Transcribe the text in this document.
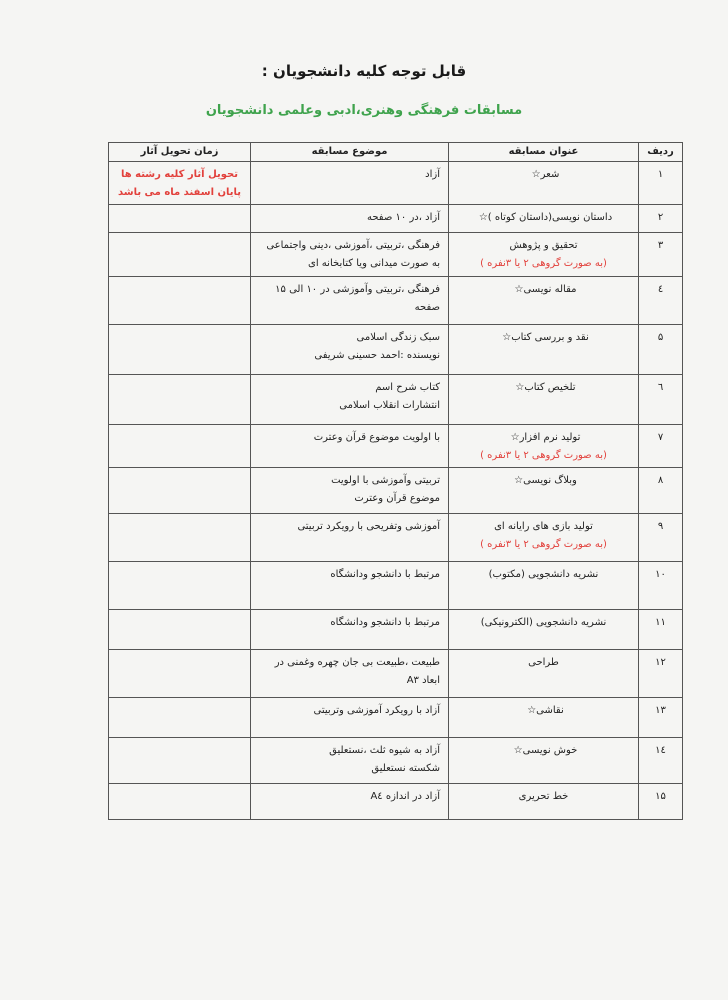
قابل توجه کلیه دانشجویان :
مسابقات فرهنگی وهنری،ادبی وعلمی دانشجویان
ردیف	عنوان مسابقه	موضوع مسابقه	زمان تحویل آثار
۱	شعر☆	آزاد	تحویل آثار کلیه رشته ها
پایان اسفند ماه می باشد

۲	داستان نویسی(داستان کوتاه )☆	آزاد ،در ۱۰ صفحه	

۳	تحقیق و پژوهش
(به صورت گروهی ۲ یا ۳نفره )	فرهنگی ،تربیتی ،آموزشی ،دینی واجتماعی
به صورت میدانی ویا کتابخانه ای	

٤	مقاله نویسی☆	فرهنگی ،تربیتی وآموزشی در ۱۰ الی ۱۵
صفحه	

۵	نقد و بررسی کتاب☆	سبک زندگی اسلامی
نویسنده :احمد حسینی شریفی	

٦	تلخیص کتاب☆	کتاب شرح اسم
انتشارات انقلاب اسلامی	

۷	تولید نرم افزار☆
(به صورت گروهی ۲ یا ۳نفره )	با اولویت موضوع قرآن وعترت	

۸	وبلاگ نویسی☆	تربیتی وآموزشی با اولویت
موضوع قرآن وعترت	

۹	تولید بازی های رایانه ای
(به صورت گروهی ۲ یا ۳نفره )	آموزشی وتفریحی با رویکرد تربیتی	

۱۰	نشریه دانشجویی (مکتوب)	مرتبط با دانشجو ودانشگاه	

۱۱	نشریه دانشجویی (الکترونیکی)	مرتبط با دانشجو ودانشگاه	

۱۲	طراحی	طبیعت ،طبیعت بی جان چهره وغمنی در
ابعاد A٣	

۱۳	نقاشی☆	آزاد با رویکرد آموزشی وتربیتی	

۱٤	خوش نویسی☆	آزاد به شیوه ثلث ،نستعلیق
شکسته نستعلیق	

۱۵	خط تحریری	آزاد در اندازه A٤	
